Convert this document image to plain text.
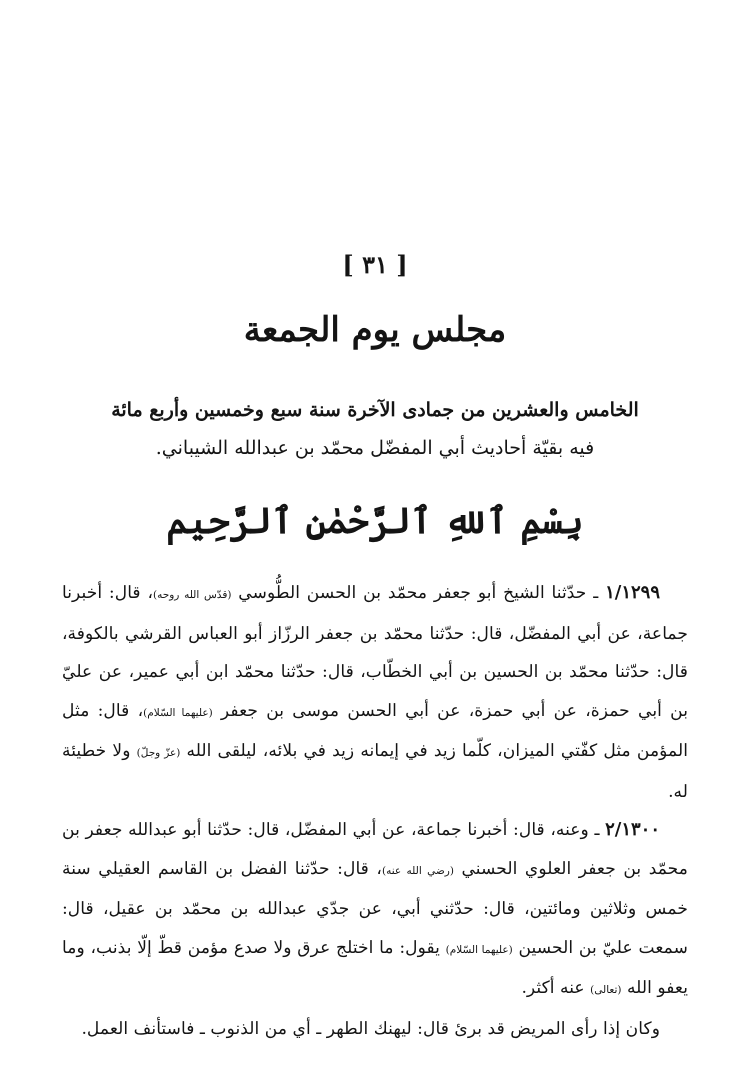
[ ٣١ ]
مجلس يوم الجمعة
الخامس والعشرين من جمادى الآخرة سنة سبع وخمسين وأربع مائة
فيه بقيّة أحاديث أبي المفضّل محمّد بن عبدالله الشيباني.
بِسْمِ ٱللهِ ٱلرَّحْمٰنِ ٱلرَّحِيم

١/١٢٩٩ ـ حدّثنا الشيخ أبو جعفر محمّد بن الحسن الطُّوسي (قدّس الله روحه)، قال: أخبرنا جماعة، عن أبي المفضّل، قال: حدّثنا محمّد بن جعفر الرزّاز أبو العباس القرشي بالكوفة، قال: حدّثنا محمّد بن الحسين بن أبي الخطّاب، قال: حدّثنا محمّد ابن أبي عمير، عن عليّ بن أبي حمزة، عن أبي حمزة، عن أبي الحسن موسى بن جعفر (عليهما السّلام)، قال: مثل المؤمن مثل كفّتي الميزان، كلّما زيد في إيمانه زيد في بلائه، ليلقى الله (عزّ وجلّ) ولا خطيئة له.

٢/١٣٠٠ ـ وعنه، قال: أخبرنا جماعة، عن أبي المفضّل، قال: حدّثنا أبو عبدالله جعفر بن محمّد بن جعفر العلوي الحسني (رضي الله عنه)، قال: حدّثنا الفضل بن القاسم العقيلي سنة خمس وثلاثين ومائتين، قال: حدّثني أبي، عن جدّي عبدالله بن محمّد بن عقيل، قال: سمعت عليّ بن الحسين (عليهما السّلام) يقول: ما اختلج عرق ولا صدع مؤمن قطّ إلّا بذنب، وما يعفو الله (تعالى) عنه أكثر.

وكان إذا رأى المريض قد برئ قال: ليهنك الطهر ـ أي من الذنوب ـ فاستأنف العمل.
